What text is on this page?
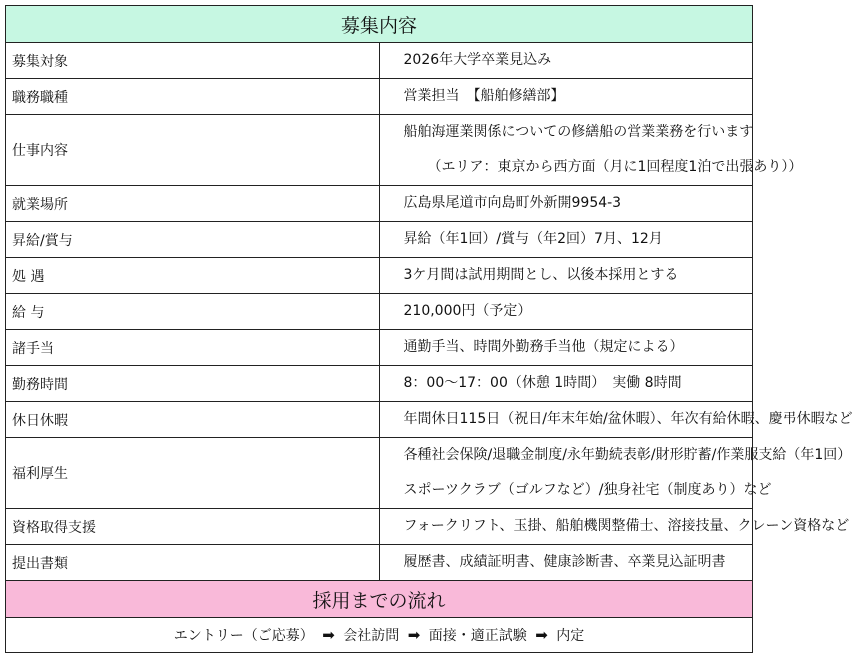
募集内容	
募集対象	2026年大学卒業見込み

職務職種	営業担当　【船舶修繕部】

仕事内容	船舶海運業関係についての修繕船の営業業務を行います
（エリア：東京から西方面（月に1回程度1泊で出張あり））

就業場所	広島県尾道市向島町外新開9954-3

昇給/賞与	昇給（年1回）/賞与（年2回）7月、12月

処 遇	3ケ月間は試用期間とし、以後本採用とする

給 与	210,000円（予定）

諸手当	通勤手当、時間外勤務手当他（規定による）

勤務時間	8：00～17：00（休憩 1時間）　実働 8時間

休日休暇	年間休日115日（祝日/年末年始/盆休暇）、年次有給休暇、慶弔休暇など

福利厚生	各種社会保険/退職金制度/永年勤続表彰/財形貯蓄/作業服支給（年1回）
スポーツクラブ（ゴルフなど）/独身社宅（制度あり）など

資格取得支援	フォークリフト、玉掛、船舶機関整備士、溶接技量、クレーン資格など

提出書類	履歴書、成績証明書、健康診断書、卒業見込証明書

採用までの流れ	
エントリー（ご応募） ➡ 会社訪問 ➡ 面接・適正試験 ➡ 内定	
